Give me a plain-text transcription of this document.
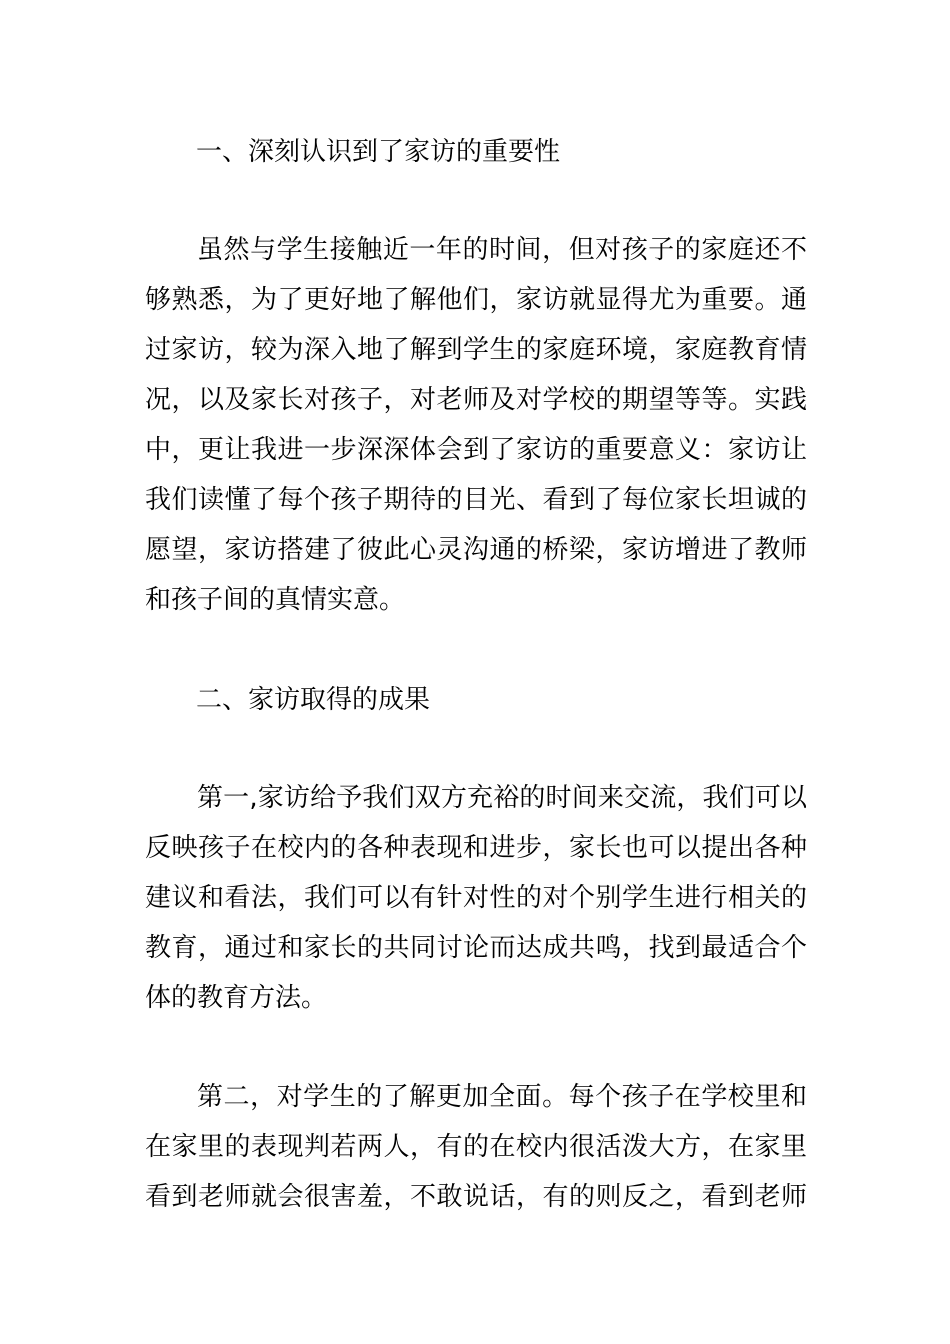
一、深刻认识到了家访的重要性
虽然与学生接触近一年的时间，但对孩子的家庭还不
够熟悉，为了更好地了解他们，家访就显得尤为重要。通
过家访，较为深入地了解到学生的家庭环境，家庭教育情
况，以及家长对孩子，对老师及对学校的期望等等。实践
中，更让我进一步深深体会到了家访的重要意义：家访让
我们读懂了每个孩子期待的目光、看到了每位家长坦诚的
愿望，家访搭建了彼此心灵沟通的桥梁，家访增进了教师
和孩子间的真情实意。
二、家访取得的成果
第一,家访给予我们双方充裕的时间来交流，我们可以
反映孩子在校内的各种表现和进步，家长也可以提出各种
建议和看法，我们可以有针对性的对个别学生进行相关的
教育，通过和家长的共同讨论而达成共鸣，找到最适合个
体的教育方法。
第二，对学生的了解更加全面。每个孩子在学校里和
在家里的表现判若两人，有的在校内很活泼大方，在家里
看到老师就会很害羞，不敢说话，有的则反之，看到老师
